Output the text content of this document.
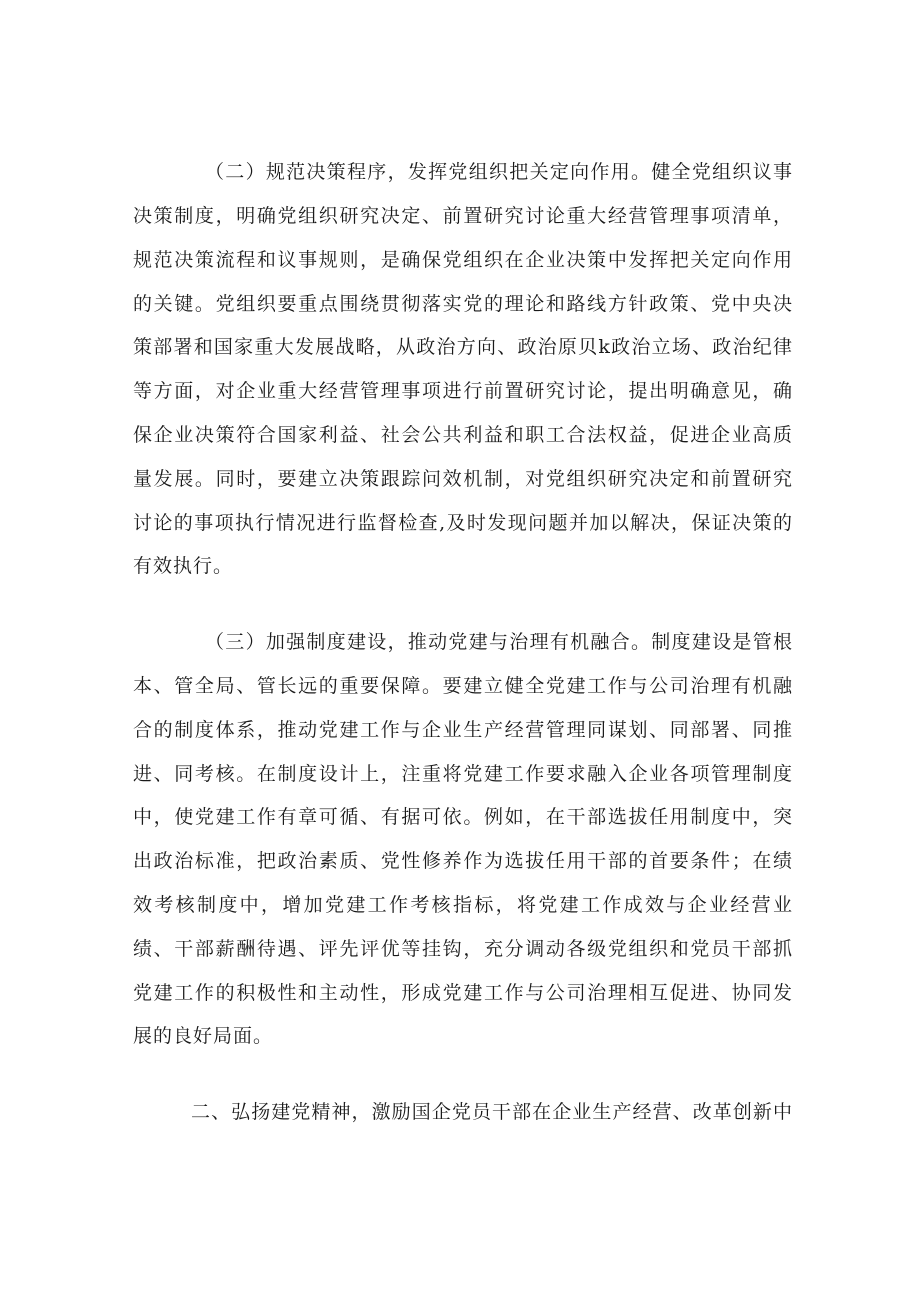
（二）规范决策程序，发挥党组织把关定向作用。健全党组织议事
决策制度，明确党组织研究决定、前置研究讨论重大经营管理事项清单，
规范决策流程和议事规则，是确保党组织在企业决策中发挥把关定向作用
的关键。党组织要重点围绕贯彻落实党的理论和路线方针政策、党中央决
策部署和国家重大发展战略，从政治方向、政治原贝k政治立场、政治纪律
等方面，对企业重大经营管理事项进行前置研究讨论，提出明确意见，确
保企业决策符合国家利益、社会公共利益和职工合法权益，促进企业高质
量发展。同时，要建立决策跟踪问效机制，对党组织研究决定和前置研究
讨论的事项执行情况进行监督检查,及时发现问题并加以解决，保证决策的
有效执行。
（三）加强制度建设，推动党建与治理有机融合。制度建设是管根
本、管全局、管长远的重要保障。要建立健全党建工作与公司治理有机融
合的制度体系，推动党建工作与企业生产经营管理同谋划、同部署、同推
进、同考核。在制度设计上，注重将党建工作要求融入企业各项管理制度
中，使党建工作有章可循、有据可依。例如，在干部选拔任用制度中，突
出政治标准，把政治素质、党性修养作为选拔任用干部的首要条件；在绩
效考核制度中，增加党建工作考核指标，将党建工作成效与企业经营业
绩、干部薪酬待遇、评先评优等挂钩，充分调动各级党组织和党员干部抓
党建工作的积极性和主动性，形成党建工作与公司治理相互促进、协同发
展的良好局面。
二、弘扬建党精神，激励国企党员干部在企业生产经营、改革创新中
